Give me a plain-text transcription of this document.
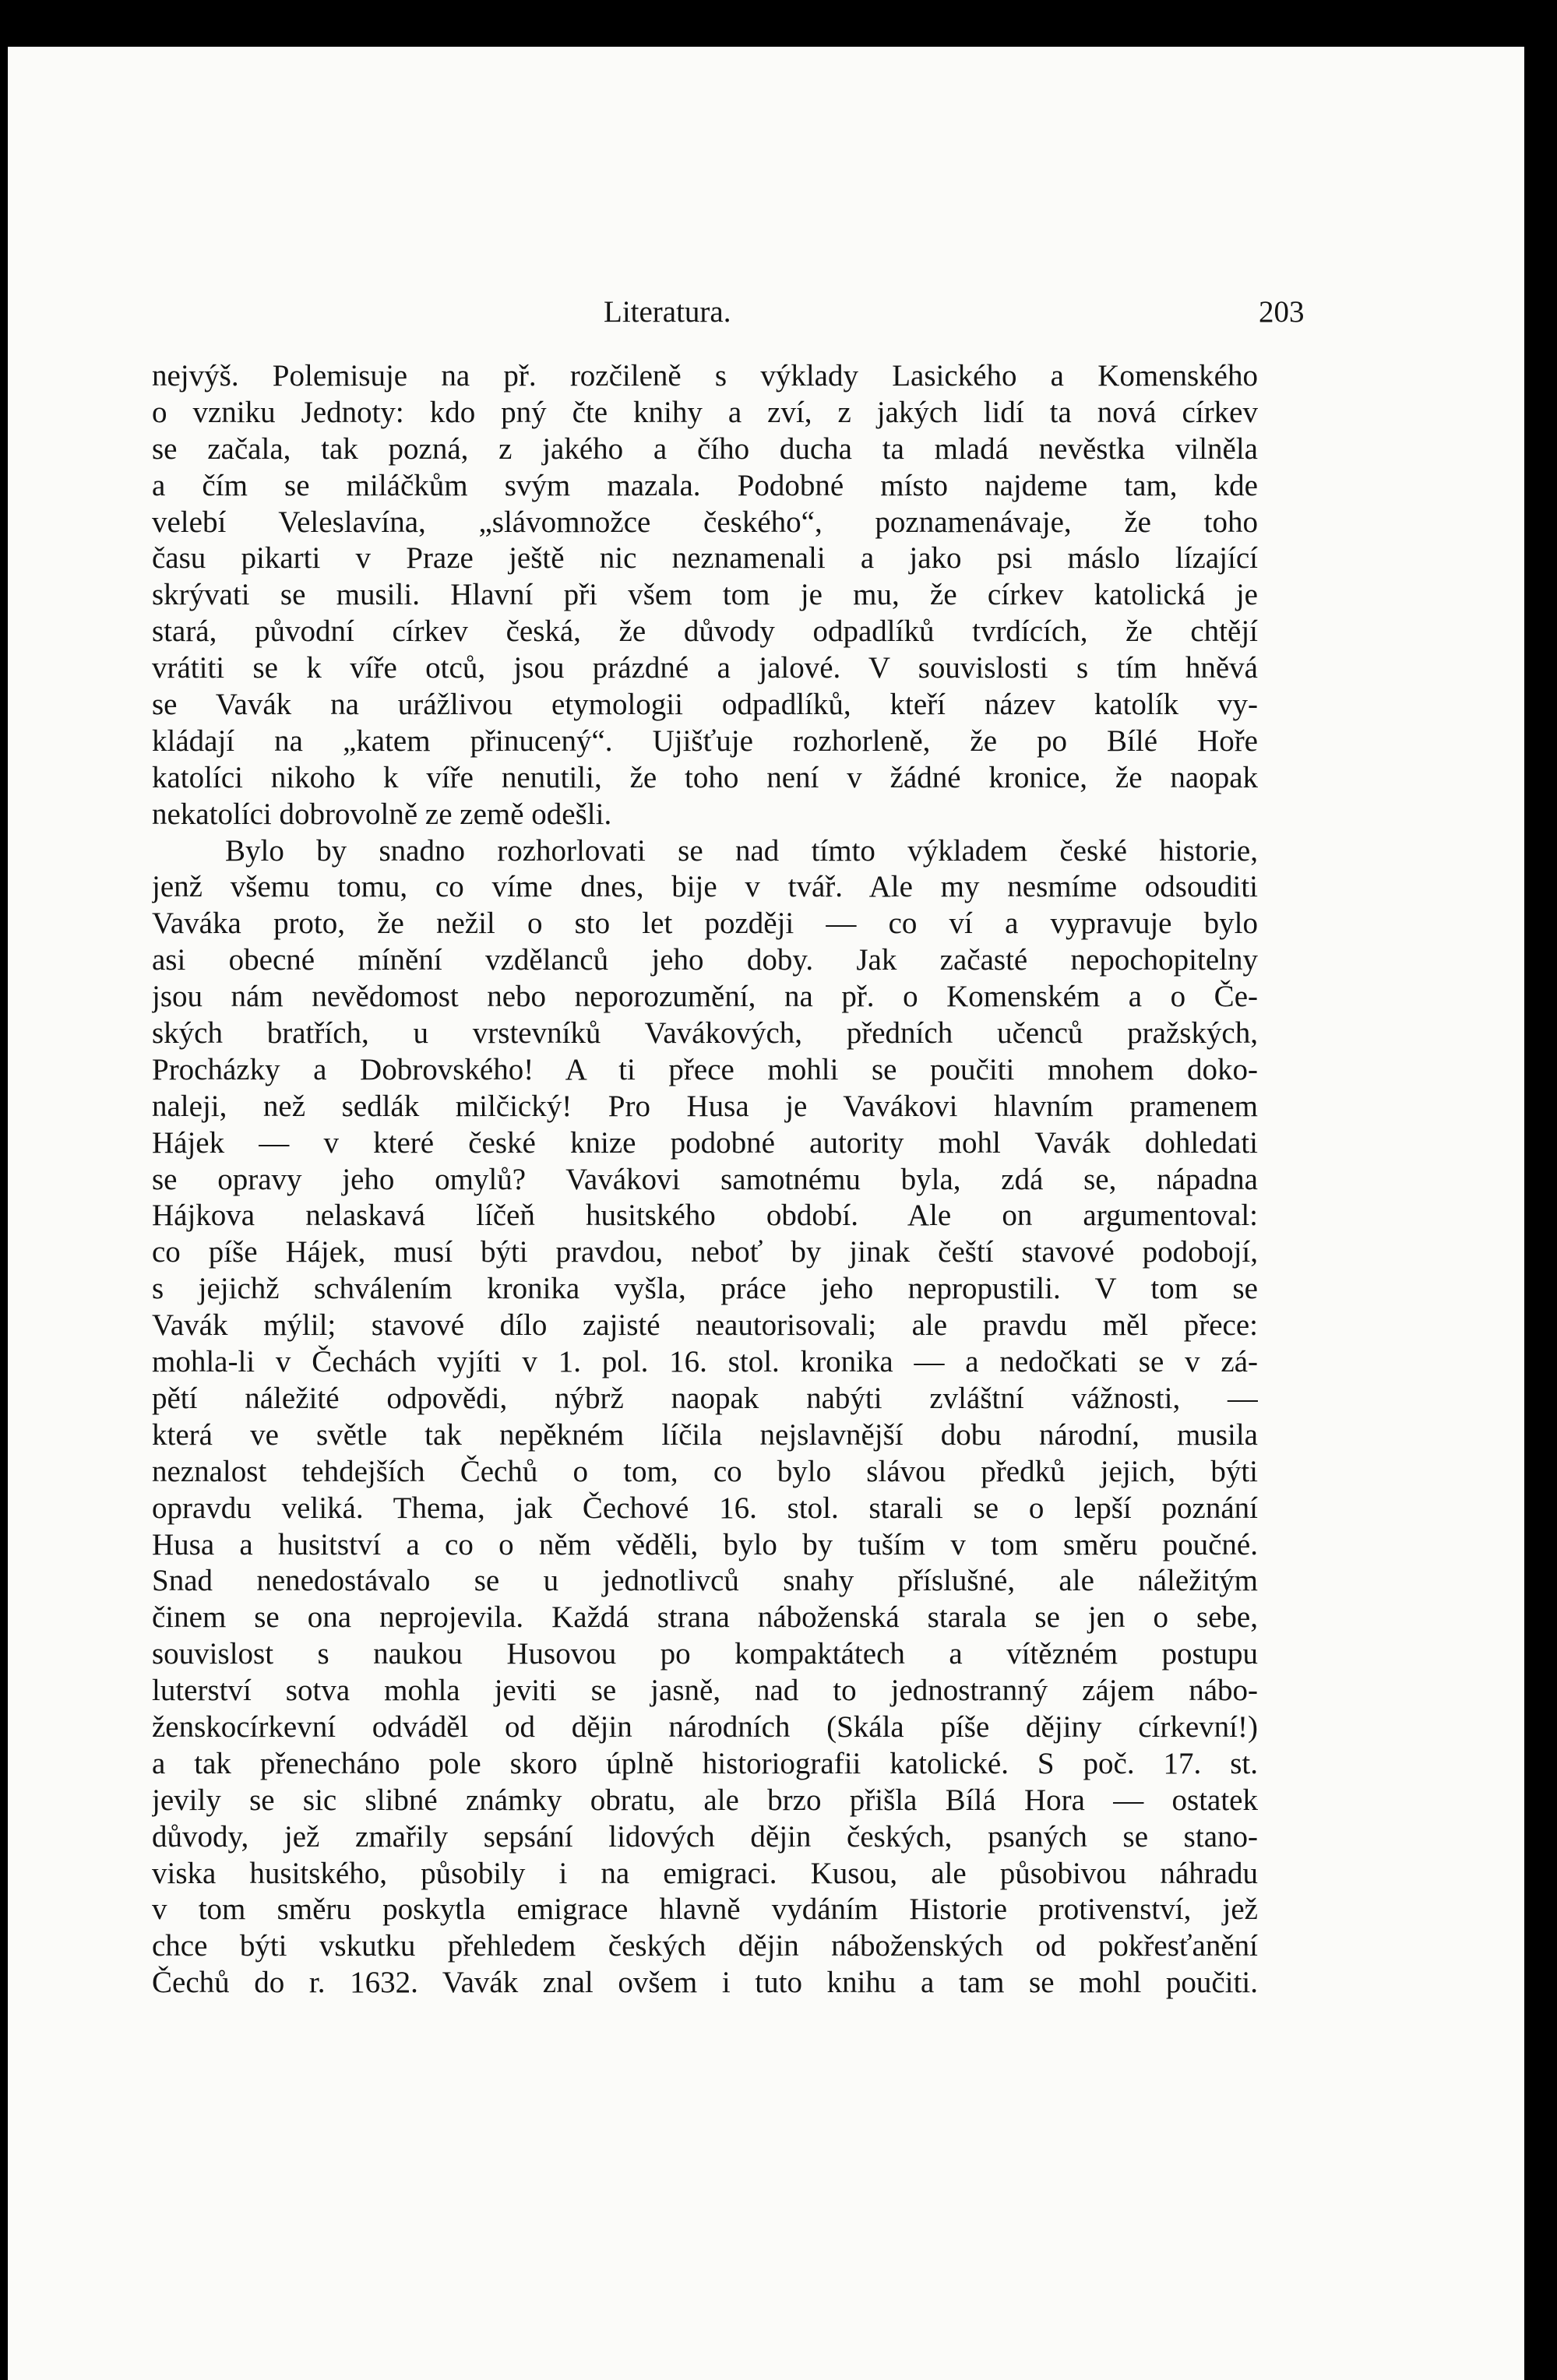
Literatura.	203
nejvýš. Polemisuje na př. rozčileně s výklady Lasického a Komenského
o vzniku Jednoty: kdo pný čte knihy a zví, z jakých lidí ta nová církev
se začala, tak pozná, z jakého a čího ducha ta mladá nevěstka vilněla
a čím se miláčkům svým mazala. Podobné místo najdeme tam, kde
velebí Veleslavína, „slávomnožce českého“, poznamenávaje, že toho
času pikarti v Praze ještě nic neznamenali a jako psi máslo lízající
skrývati se musili. Hlavní při všem tom je mu, že církev katolická je
stará, původní církev česká, že důvody odpadlíků tvrdících, že chtějí
vrátiti se k víře otců, jsou prázdné a jalové. V souvislosti s tím hněvá
se Vavák na urážlivou etymologii odpadlíků, kteří název katolík vy-
kládají na „katem přinucený“. Ujišťuje rozhorleně, že po Bílé Hoře
katolíci nikoho k víře nenutili, že toho není v žádné kronice, že naopak
nekatolíci dobrovolně ze země odešli.
Bylo by snadno rozhorlovati se nad tímto výkladem české historie,
jenž všemu tomu, co víme dnes, bije v tvář. Ale my nesmíme odsouditi
Vaváka proto, že nežil o sto let později — co ví a vypravuje bylo
asi obecné mínění vzdělanců jeho doby. Jak začasté nepochopitelny
jsou nám nevědomost nebo neporozumění, na př. o Komenském a o Če-
ských bratřích, u vrstevníků Vavákových, předních učenců pražských,
Procházky a Dobrovského! A ti přece mohli se poučiti mnohem doko-
naleji, než sedlák milčický! Pro Husa je Vavákovi hlavním pramenem
Hájek — v které české knize podobné autority mohl Vavák dohledati
se opravy jeho omylů? Vavákovi samotnému byla, zdá se, nápadna
Hájkova nelaskavá líčeň husitského období. Ale on argumentoval:
co píše Hájek, musí býti pravdou, neboť by jinak čeští stavové podobojí,
s jejichž schválením kronika vyšla, práce jeho nepropustili. V tom se
Vavák mýlil; stavové dílo zajisté neautorisovali; ale pravdu měl přece:
mohla-li v Čechách vyjíti v 1. pol. 16. stol. kronika — a nedočkati se v zá-
pětí náležité odpovědi, nýbrž naopak nabýti zvláštní vážnosti, —
která ve světle tak nepěkném líčila nejslavnější dobu národní, musila
neznalost tehdejších Čechů o tom, co bylo slávou předků jejich, býti
opravdu veliká. Thema, jak Čechové 16. stol. starali se o lepší poznání
Husa a husitství a co o něm věděli, bylo by tuším v tom směru poučné.
Snad nenedostávalo se u jednotlivců snahy příslušné, ale náležitým
činem se ona neprojevila. Každá strana náboženská starala se jen o sebe,
souvislost s naukou Husovou po kompaktátech a vítězném postupu
luterství sotva mohla jeviti se jasně, nad to jednostranný zájem nábo-
ženskocírkevní odváděl od dějin národních (Skála píše dějiny církevní!)
a tak přenecháno pole skoro úplně historiografii katolické. S poč. 17. st.
jevily se sic slibné známky obratu, ale brzo přišla Bílá Hora — ostatek
důvody, jež zmařily sepsání lidových dějin českých, psaných se stano-
viska husitského, působily i na emigraci. Kusou, ale působivou náhradu
v tom směru poskytla emigrace hlavně vydáním Historie protivenství, jež
chce býti vskutku přehledem českých dějin náboženských od pokřesťanění
Čechů do r. 1632. Vavák znal ovšem i tuto knihu a tam se mohl poučiti.
